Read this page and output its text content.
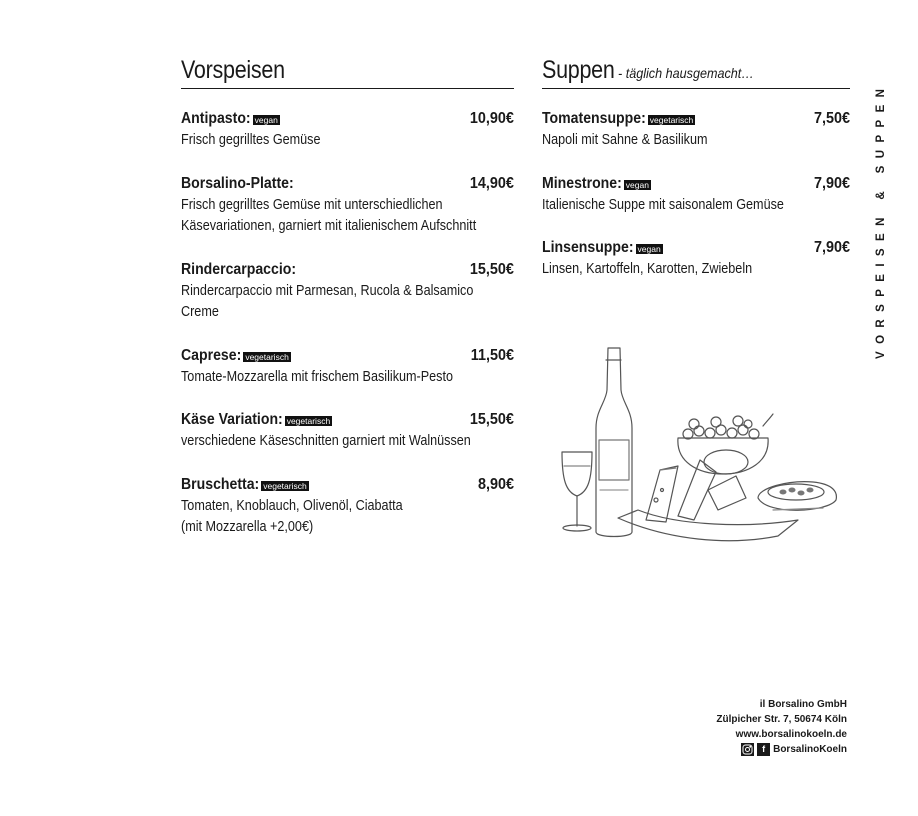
Vorspeisen
Antipasto: vegan	10,90€
Frisch gegrilltes Gemüse
Borsalino-Platte:	14,90€
Frisch gegrilltes Gemüse mit unterschiedlichen
Käsevariationen, garniert mit italienischem Aufschnitt
Rindercarpaccio:	15,50€
Rindercarpaccio mit Parmesan, Rucola & Balsamico
Creme
Caprese: vegetarisch	11,50€
Tomate-Mozzarella mit frischem Basilikum-Pesto
Käse Variation: vegetarisch	15,50€
verschiedene Käseschnitten garniert mit Walnüssen
Bruschetta: vegetarisch	8,90€
Tomaten, Knoblauch, Olivenöl, Ciabatta
(mit Mozzarella +2,00€)
Suppen - täglich hausgemacht…
Tomatensuppe: vegetarisch	7,50€
Napoli mit Sahne & Basilikum
Minestrone: vegan	7,90€
Italienische Suppe mit saisonalem Gemüse
Linsensuppe: vegan	7,90€
Linsen, Kartoffeln, Karotten, Zwiebeln	VORSPEISEN & SUPPEN
il Borsalino GmbH
Zülpicher Str. 7, 50674 Köln
www.borsalinokoeln.de
f BorsalinoKoeln
